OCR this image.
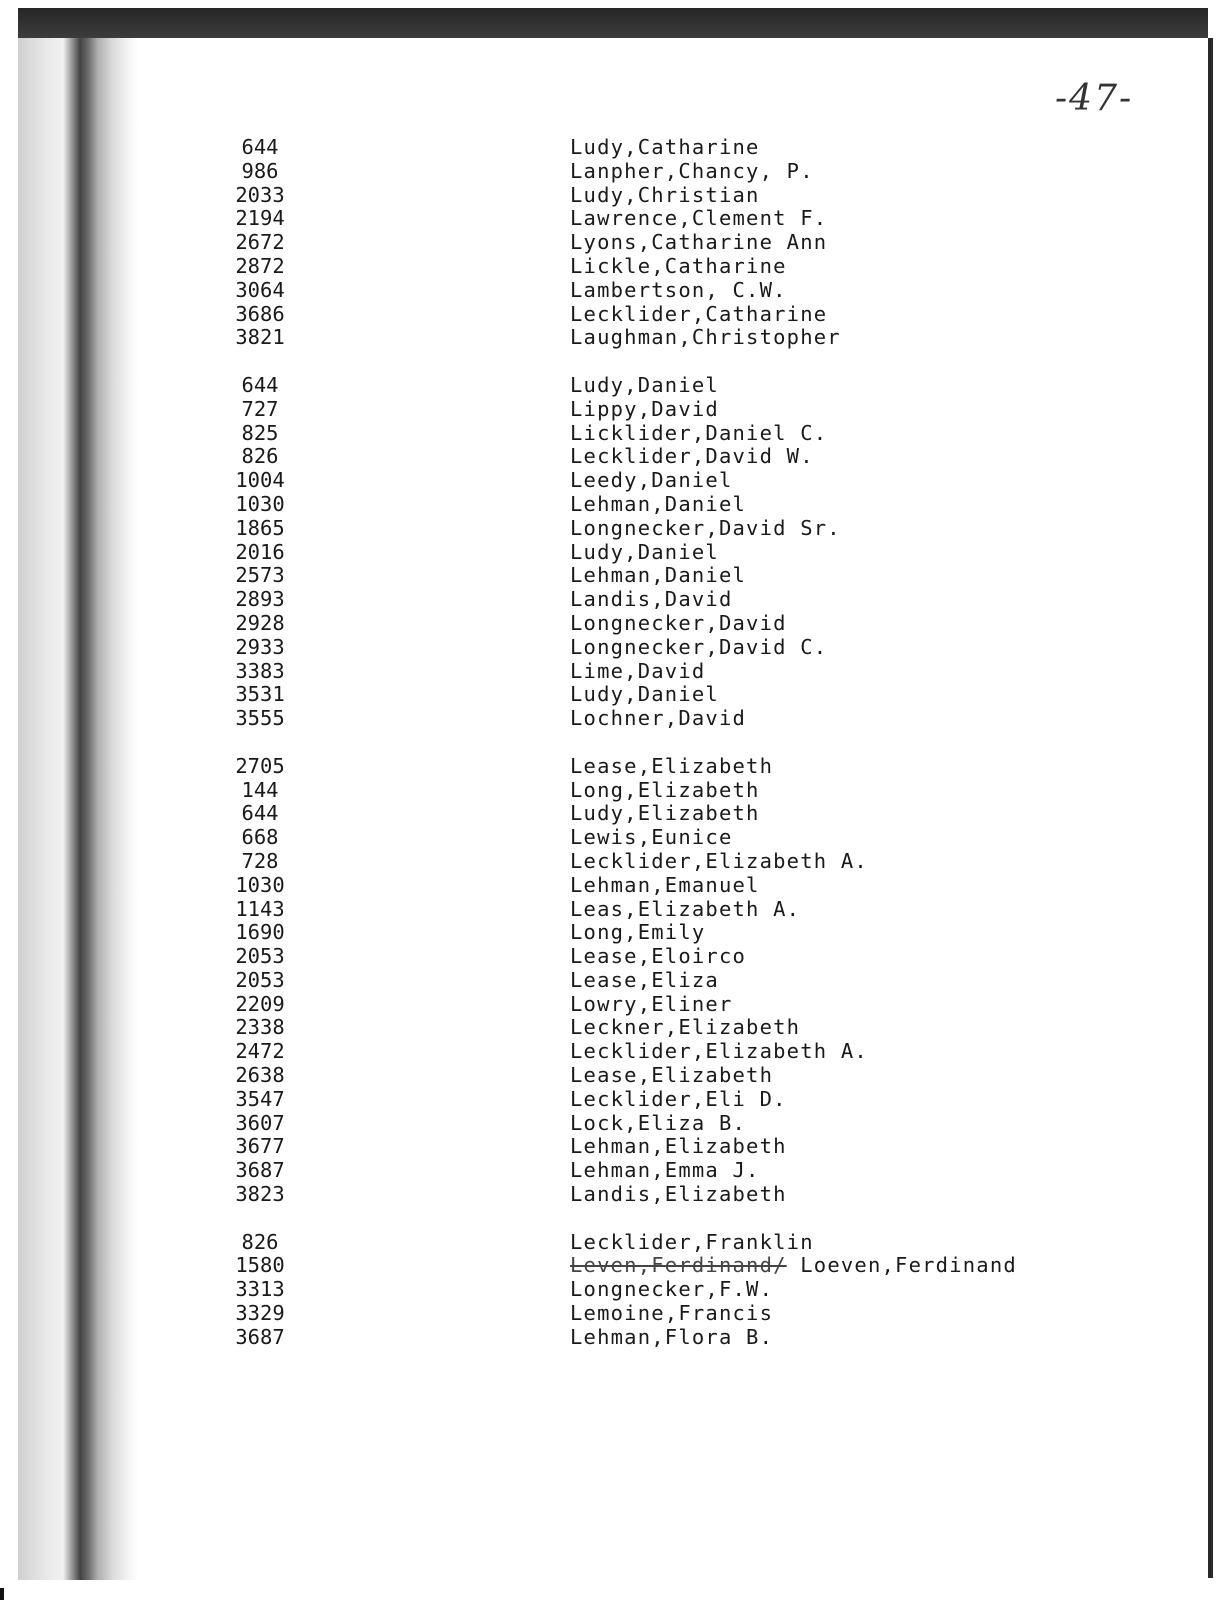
-47-
644	Ludy,Catharine
986	Lanpher,Chancy, P.
2033	Ludy,Christian
2194	Lawrence,Clement F.
2672	Lyons,Catharine Ann
2872	Lickle,Catharine
3064	Lambertson, C.W.
3686	Lecklider,Catharine
3821	Laughman,Christopher
644	Ludy,Daniel
727	Lippy,David
825	Licklider,Daniel C.
826	Lecklider,David W.
1004	Leedy,Daniel
1030	Lehman,Daniel
1865	Longnecker,David Sr.
2016	Ludy,Daniel
2573	Lehman,Daniel
2893	Landis,David
2928	Longnecker,David
2933	Longnecker,David C.
3383	Lime,David
3531	Ludy,Daniel
3555	Lochner,David
2705	Lease,Elizabeth
144	Long,Elizabeth
644	Ludy,Elizabeth
668	Lewis,Eunice
728	Lecklider,Elizabeth A.
1030	Lehman,Emanuel
1143	Leas,Elizabeth A.
1690	Long,Emily
2053	Lease,Eloirco
2053	Lease,Eliza
2209	Lowry,Eliner
2338	Leckner,Elizabeth
2472	Lecklider,Elizabeth A.
2638	Lease,Elizabeth
3547	Lecklider,Eli D.
3607	Lock,Eliza B.
3677	Lehman,Elizabeth
3687	Lehman,Emma J.
3823	Landis,Elizabeth
826	Lecklider,Franklin
1580	Leven,Ferdinand/ Loeven,Ferdinand
3313	Longnecker,F.W.
3329	Lemoine,Francis
3687	Lehman,Flora B.
